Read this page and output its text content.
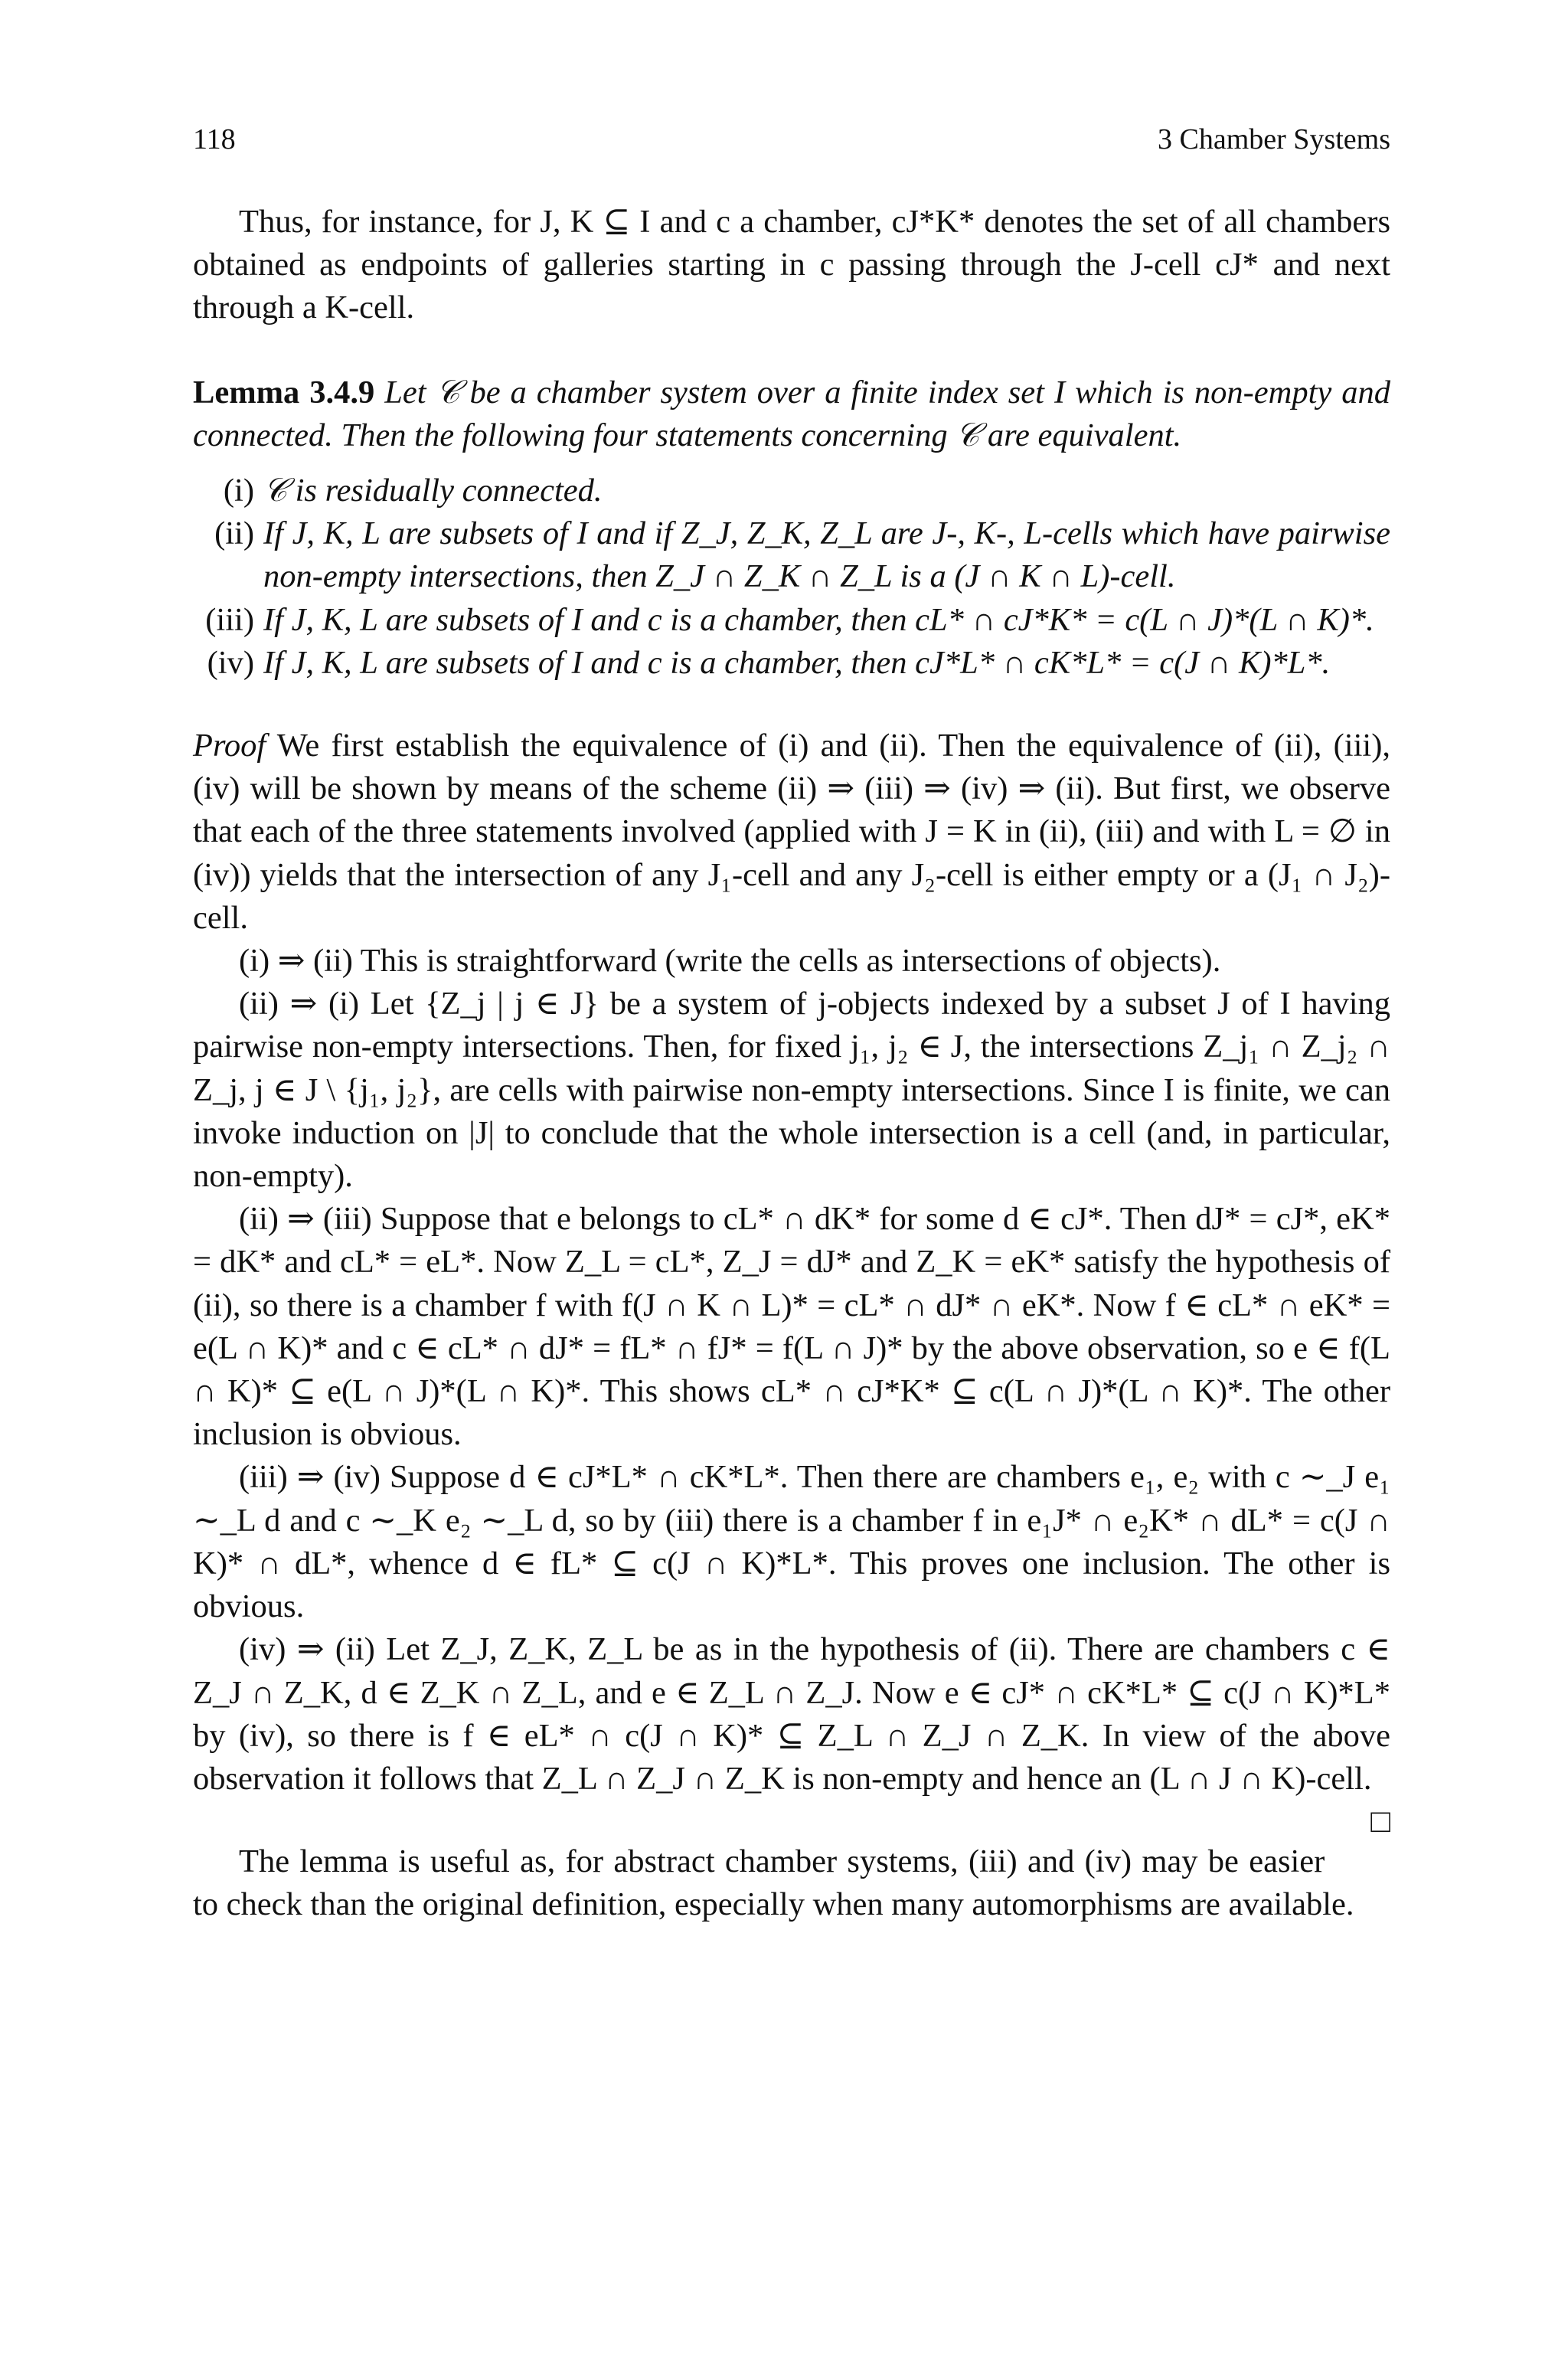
118	3 Chamber Systems

Thus, for instance, for J, K ⊆ I and c a chamber, cJ*K* denotes the set of all chambers obtained as endpoints of galleries starting in c passing through the J-cell cJ* and next through a K-cell.

Lemma 3.4.9 Let 𝒞 be a chamber system over a finite index set I which is non-empty and connected. Then the following four statements concerning 𝒞 are equivalent.

(i) 𝒞 is residually connected.
(ii) If J, K, L are subsets of I and if Z_J, Z_K, Z_L are J-, K-, L-cells which have pairwise non-empty intersections, then Z_J ∩ Z_K ∩ Z_L is a (J ∩ K ∩ L)-cell.
(iii) If J, K, L are subsets of I and c is a chamber, then cL* ∩ cJ*K* = c(L ∩ J)*(L ∩ K)*.
(iv) If J, K, L are subsets of I and c is a chamber, then cJ*L* ∩ cK*L* = c(J ∩ K)*L*.

Proof We first establish the equivalence of (i) and (ii). Then the equivalence of (ii), (iii), (iv) will be shown by means of the scheme (ii) ⇒ (iii) ⇒ (iv) ⇒ (ii). But first, we observe that each of the three statements involved (applied with J = K in (ii), (iii) and with L = ∅ in (iv)) yields that the intersection of any J₁-cell and any J₂-cell is either empty or a (J₁ ∩ J₂)-cell.

(i) ⇒ (ii) This is straightforward (write the cells as intersections of objects).

(ii) ⇒ (i) Let {Z_j | j ∈ J} be a system of j-objects indexed by a subset J of I having pairwise non-empty intersections. Then, for fixed j₁, j₂ ∈ J, the intersections Z_j₁ ∩ Z_j₂ ∩ Z_j, j ∈ J \ {j₁, j₂}, are cells with pairwise non-empty intersections. Since I is finite, we can invoke induction on |J| to conclude that the whole intersection is a cell (and, in particular, non-empty).

(ii) ⇒ (iii) Suppose that e belongs to cL* ∩ dK* for some d ∈ cJ*. Then dJ* = cJ*, eK* = dK* and cL* = eL*. Now Z_L = cL*, Z_J = dJ* and Z_K = eK* satisfy the hypothesis of (ii), so there is a chamber f with f(J ∩ K ∩ L)* = cL* ∩ dJ* ∩ eK*. Now f ∈ cL* ∩ eK* = e(L ∩ K)* and c ∈ cL* ∩ dJ* = fL* ∩ fJ* = f(L ∩ J)* by the above observation, so e ∈ f(L ∩ K)* ⊆ e(L ∩ J)*(L ∩ K)*. This shows cL* ∩ cJ*K* ⊆ c(L ∩ J)*(L ∩ K)*. The other inclusion is obvious.

(iii) ⇒ (iv) Suppose d ∈ cJ*L* ∩ cK*L*. Then there are chambers e₁, e₂ with c ∼_J e₁ ∼_L d and c ∼_K e₂ ∼_L d, so by (iii) there is a chamber f in e₁J* ∩ e₂K* ∩ dL* = c(J ∩ K)* ∩ dL*, whence d ∈ fL* ⊆ c(J ∩ K)*L*. This proves one inclusion. The other is obvious.

(iv) ⇒ (ii) Let Z_J, Z_K, Z_L be as in the hypothesis of (ii). There are chambers c ∈ Z_J ∩ Z_K, d ∈ Z_K ∩ Z_L, and e ∈ Z_L ∩ Z_J. Now e ∈ cJ* ∩ cK*L* ⊆ c(J ∩ K)*L* by (iv), so there is f ∈ eL* ∩ c(J ∩ K)* ⊆ Z_L ∩ Z_J ∩ Z_K. In view of the above observation it follows that Z_L ∩ Z_J ∩ Z_K is non-empty and hence an (L ∩ J ∩ K)-cell.
□

The lemma is useful as, for abstract chamber systems, (iii) and (iv) may be easier to check than the original definition, especially when many automorphisms are available.
